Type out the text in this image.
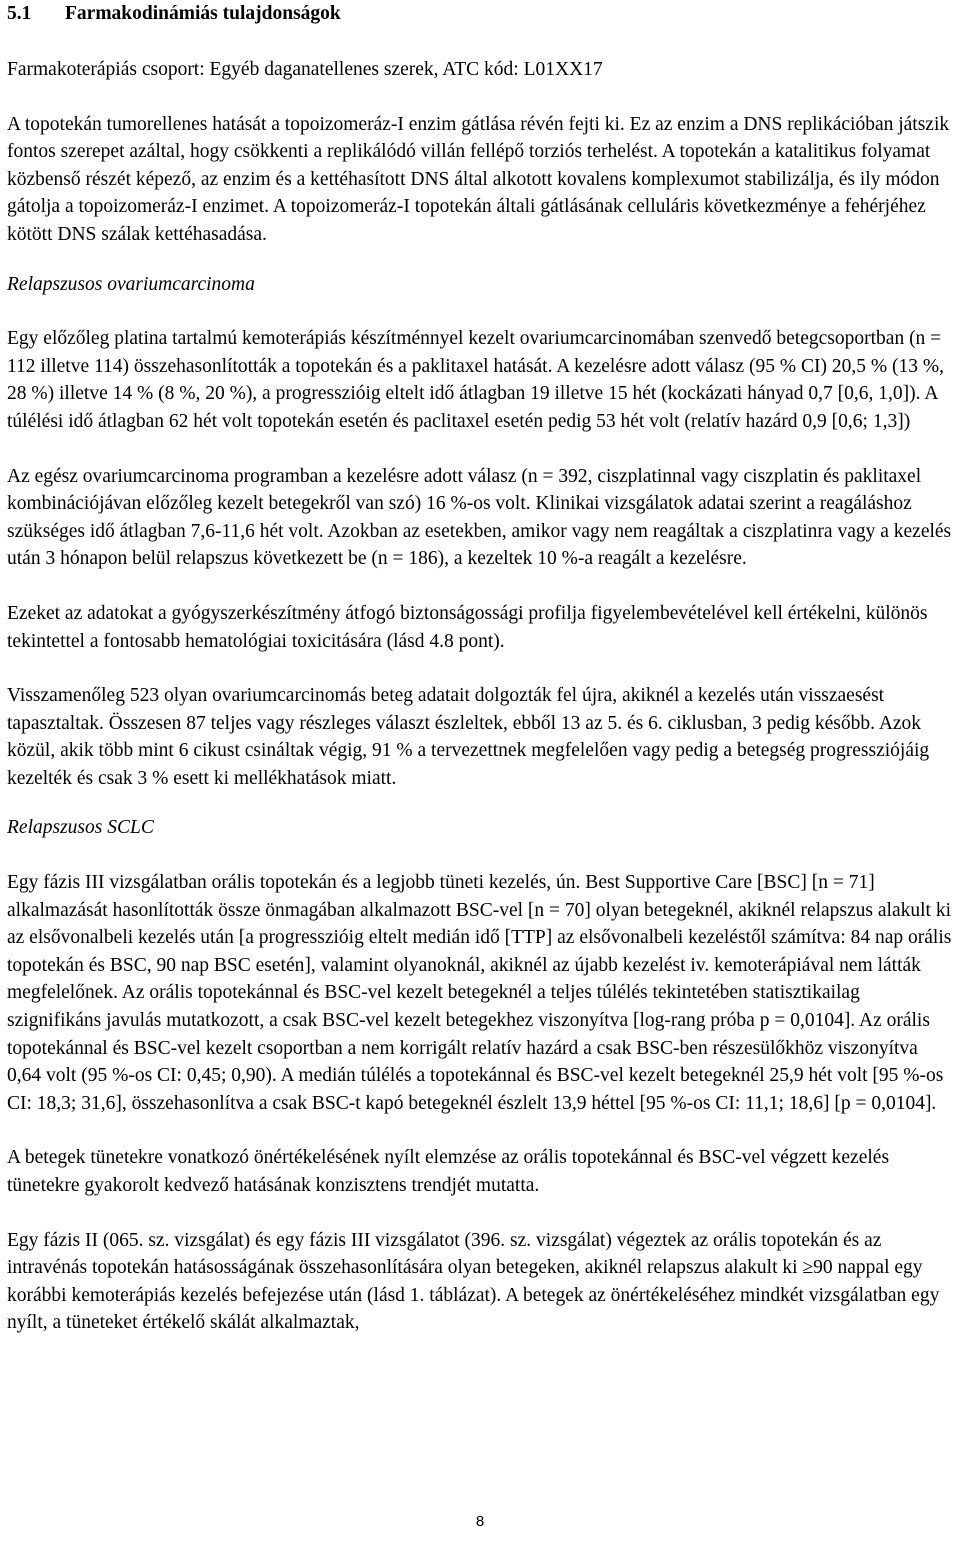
5.1 Farmakodinámiás tulajdonságok

Farmakoterápiás csoport: Egyéb daganatellenes szerek, ATC kód: L01XX17

A topotekán tumorellenes hatását a topoizomeráz-I enzim gátlása révén fejti ki. Ez az enzim a DNS replikációban játszik fontos szerepet azáltal, hogy csökkenti a replikálódó villán fellépő torziós terhelést. A topotekán a katalitikus folyamat közbenső részét képező, az enzim és a kettéhasított DNS által alkotott kovalens komplexumot stabilizálja, és ily módon gátolja a topoizomeráz-I enzimet. A topoizomeráz-I topotekán általi gátlásának celluláris következménye a fehérjéhez kötött DNS szálak kettéhasadása.

Relapszusos ovariumcarcinoma

Egy előzőleg platina tartalmú kemoterápiás készítménnyel kezelt ovariumcarcinomában szenvedő betegcsoportban (n = 112 illetve 114) összehasonlították a topotekán és a paklitaxel hatását. A kezelésre adott válasz (95 % CI) 20,5 % (13 %, 28 %) illetve 14 % (8 %, 20 %), a progresszióig eltelt idő átlagban 19 illetve 15 hét (kockázati hányad 0,7 [0,6, 1,0]). A túlélési idő átlagban 62 hét volt topotekán esetén és paclitaxel esetén pedig 53 hét volt (relatív hazárd 0,9 [0,6; 1,3])

Az egész ovariumcarcinoma programban a kezelésre adott válasz (n = 392, ciszplatinnal vagy ciszplatin és paklitaxel kombinációjávan előzőleg kezelt betegekről van szó) 16 %-os volt. Klinikai vizsgálatok adatai szerint a reagáláshoz szükséges idő átlagban 7,6-11,6 hét volt. Azokban az esetekben, amikor vagy nem reagáltak a ciszplatinra vagy a kezelés után 3 hónapon belül relapszus következett be (n = 186), a kezeltek 10 %-a reagált a kezelésre.

Ezeket az adatokat a gyógyszerkészítmény átfogó biztonságossági profilja figyelembevételével kell értékelni, különös tekintettel a fontosabb hematológiai toxicitására (lásd 4.8 pont).

Visszamenőleg 523 olyan ovariumcarcinomás beteg adatait dolgozták fel újra, akiknél a kezelés után visszaesést tapasztaltak. Összesen 87 teljes vagy részleges választ észleltek, ebből 13 az 5. és 6. ciklusban, 3 pedig később. Azok közül, akik több mint 6 cikust csináltak végig, 91 % a tervezettnek megfelelően vagy pedig a betegség progressziójáig kezelték és csak 3 % esett ki mellékhatások miatt.

Relapszusos SCLC

Egy fázis III vizsgálatban orális topotekán és a legjobb tüneti kezelés, ún. Best Supportive Care [BSC] [n = 71] alkalmazását hasonlították össze önmagában alkalmazott BSC-vel [n = 70] olyan betegeknél, akiknél relapszus alakult ki az elsővonalbeli kezelés után [a progresszióig eltelt medián idő [TTP] az elsővonalbeli kezeléstől számítva: 84 nap orális topotekán és BSC, 90 nap BSC esetén], valamint olyanoknál, akiknél az újabb kezelést iv. kemoterápiával nem látták megfelelőnek. Az orális topotekánnal és BSC-vel kezelt betegeknél a teljes túlélés tekintetében statisztikailag szignifikáns javulás mutatkozott, a csak BSC-vel kezelt betegekhez viszonyítva [log-rang próba p = 0,0104]. Az orális topotekánnal és BSC-vel kezelt csoportban a nem korrigált relatív hazárd a csak BSC-ben részesülőkhöz viszonyítva 0,64 volt (95 %-os CI: 0,45; 0,90). A medián túlélés a topotekánnal és BSC-vel kezelt betegeknél 25,9 hét volt [95 %-os CI: 18,3; 31,6], összehasonlítva a csak BSC-t kapó betegeknél észlelt 13,9 héttel [95 %-os CI: 11,1; 18,6] [p = 0,0104].

A betegek tünetekre vonatkozó önértékelésének nyílt elemzése az orális topotekánnal és BSC-vel végzett kezelés tünetekre gyakorolt kedvező hatásának konzisztens trendjét mutatta.

Egy fázis II (065. sz. vizsgálat) és egy fázis III vizsgálatot (396. sz. vizsgálat) végeztek az orális topotekán és az intravénás topotekán hatásosságának összehasonlítására olyan betegeken, akiknél relapszus alakult ki ≥90 nappal egy korábbi kemoterápiás kezelés befejezése után (lásd 1. táblázat). A betegek az önértékeléséhez mindkét vizsgálatban egy nyílt, a tüneteket értékelő skálát alkalmaztak,

8
